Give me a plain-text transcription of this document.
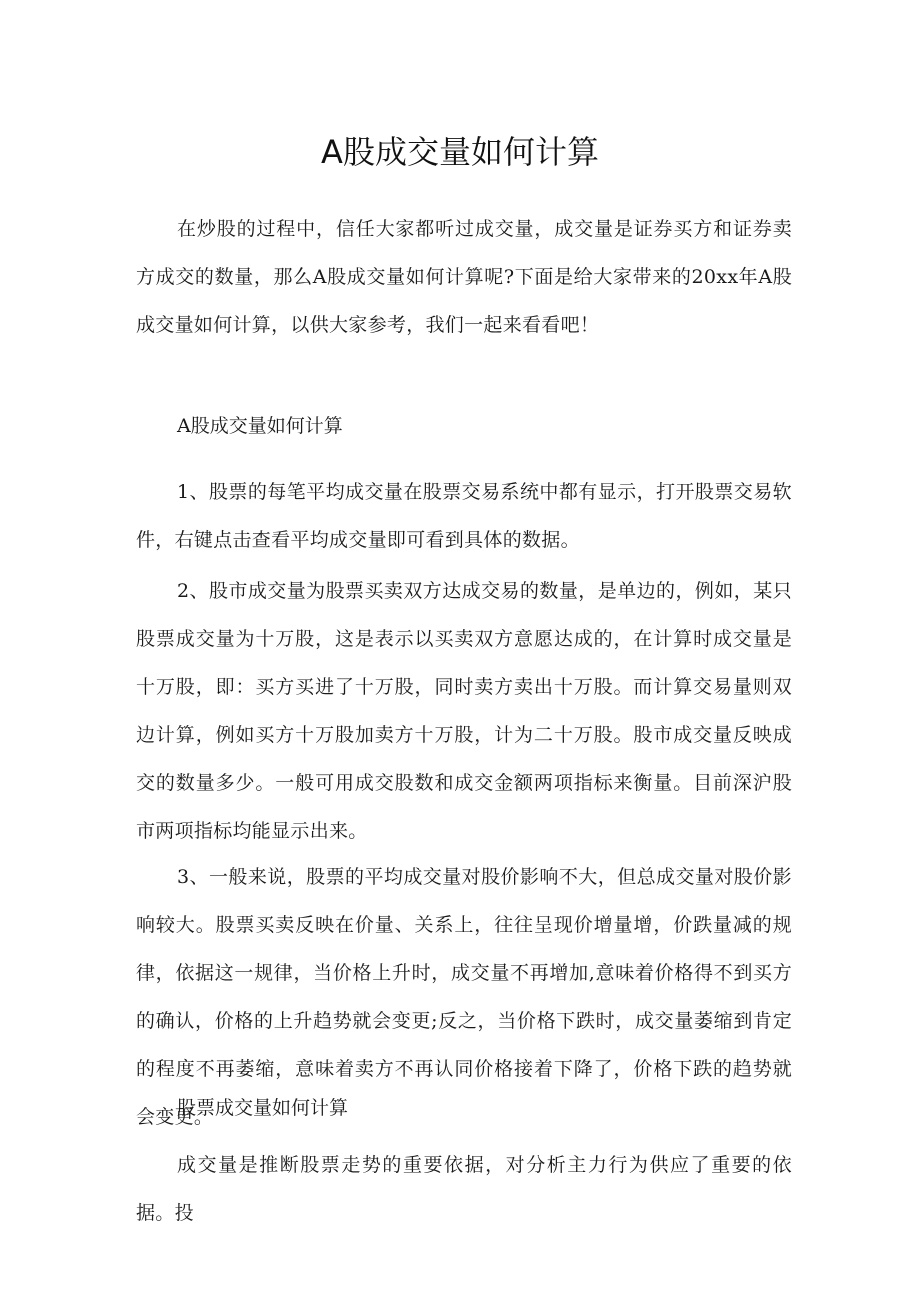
A股成交量如何计算

在炒股的过程中，信任大家都听过成交量，成交量是证券买方和证券卖方成交的数量，那么A股成交量如何计算呢?下面是给大家带来的20xx年A股成交量如何计算，以供大家参考，我们一起来看看吧！

A股成交量如何计算

1、股票的每笔平均成交量在股票交易系统中都有显示，打开股票交易软件，右键点击查看平均成交量即可看到具体的数据。

2、股市成交量为股票买卖双方达成交易的数量，是单边的，例如，某只股票成交量为十万股，这是表示以买卖双方意愿达成的，在计算时成交量是十万股，即：买方买进了十万股，同时卖方卖出十万股。而计算交易量则双边计算，例如买方十万股加卖方十万股，计为二十万股。股市成交量反映成交的数量多少。一般可用成交股数和成交金额两项指标来衡量。目前深沪股市两项指标均能显示出来。

3、一般来说，股票的平均成交量对股价影响不大，但总成交量对股价影响较大。股票买卖反映在价量、关系上，往往呈现价增量增，价跌量减的规律，依据这一规律，当价格上升时，成交量不再增加,意味着价格得不到买方的确认，价格的上升趋势就会变更;反之，当价格下跌时，成交量萎缩到肯定的程度不再萎缩，意味着卖方不再认同价格接着下降了，价格下跌的趋势就会变更。

股票成交量如何计算

成交量是推断股票走势的重要依据，对分析主力行为供应了重要的依据。投
